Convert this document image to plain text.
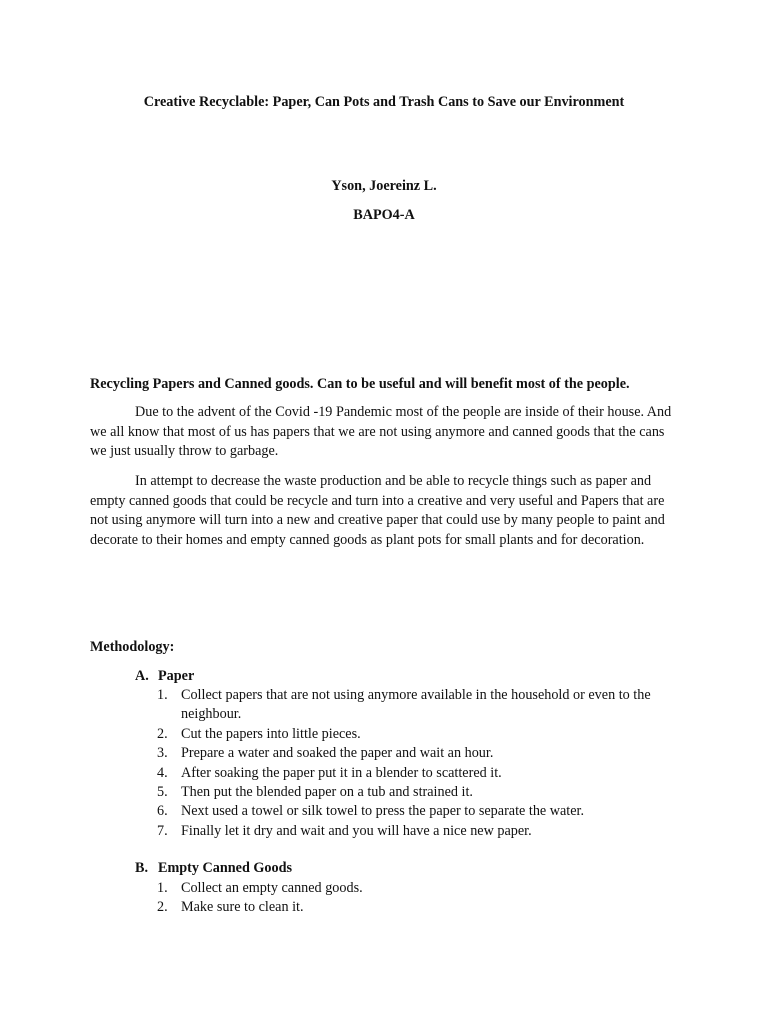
Creative Recyclable: Paper, Can Pots and Trash Cans to Save our Environment
Yson, Joereinz L.
BAPO4-A
Recycling Papers and Canned goods. Can to be useful and will benefit most of the people.

Due to the advent of the Covid -19 Pandemic most of the people are inside of their house. And we all know that most of us has papers that we are not using anymore and canned goods that the cans we just usually throw to garbage.

In attempt to decrease the waste production and be able to recycle things such as paper and empty canned goods that could be recycle and turn into a creative and very useful and Papers that are not using anymore will turn into a new and creative paper that could use by many people to paint and decorate to their homes and empty canned goods as plant pots for small plants and for decoration.

Methodology:
A. Paper
1. Collect papers that are not using anymore available in the household or even to the neighbour.
2. Cut the papers into little pieces.
3. Prepare a water and soaked the paper and wait an hour.
4. After soaking the paper put it in a blender to scattered it.
5. Then put the blended paper on a tub and strained it.
6. Next used a towel or silk towel to press the paper to separate the water.
7. Finally let it dry and wait and you will have a nice new paper.
B. Empty Canned Goods
1. Collect an empty canned goods.
2. Make sure to clean it.
